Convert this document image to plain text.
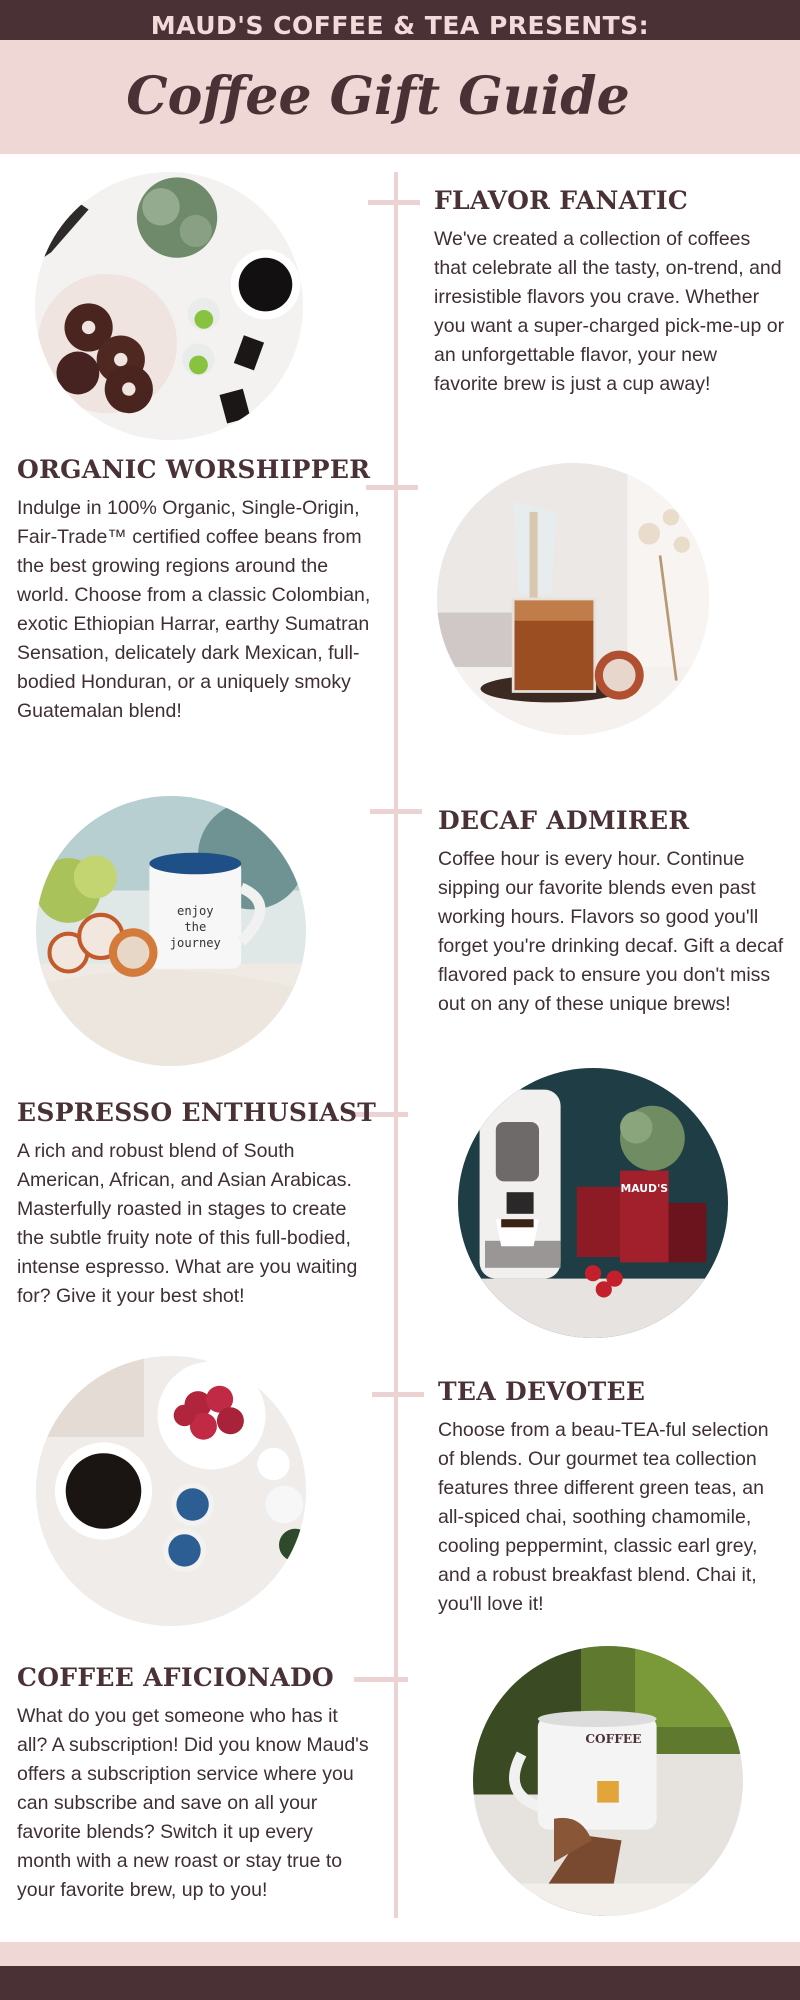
MAUD'S COFFEE & TEA PRESENTS:
Coffee Gift Guide
FLAVOR FANATIC

We've created a collection of coffees that celebrate all the tasty, on-trend, and irresistible flavors you crave. Whether you want a super-charged pick-me-up or an unforgettable flavor, your new favorite brew is just a cup away!

ORGANIC WORSHIPPER

Indulge in 100% Organic, Single-Origin, Fair-Trade™ certified coffee beans from the best growing regions around the world. Choose from a classic Colombian, exotic Ethiopian Harrar, earthy Sumatran Sensation, delicately dark Mexican, full-bodied Honduran, or a uniquely smoky Guatemalan blend!

enjoy
the
journey
DECAF ADMIRER

Coffee hour is every hour. Continue sipping our favorite blends even past working hours. Flavors so good you'll forget you're drinking decaf. Gift a decaf flavored pack to ensure you don't miss out on any of these unique brews!

ESPRESSO ENTHUSIAST

A rich and robust blend of South American, African, and Asian Arabicas. Masterfully roasted in stages to create the subtle fruity note of this full-bodied, intense espresso. What are you waiting for? Give it your best shot!

MAUD'S
TEA DEVOTEE

Choose from a beau-TEA-ful selection of blends. Our gourmet tea collection features three different green teas, an all-spiced chai, soothing chamomile, cooling peppermint, classic earl grey, and a robust breakfast blend. Chai it, you'll love it!

COFFEE AFICIONADO

What do you get someone who has it all? A subscription! Did you know Maud's offers a subscription service where you can subscribe and save on all your favorite blends? Switch it up every month with a new roast or stay true to your favorite brew, up to you!

COFFEE
